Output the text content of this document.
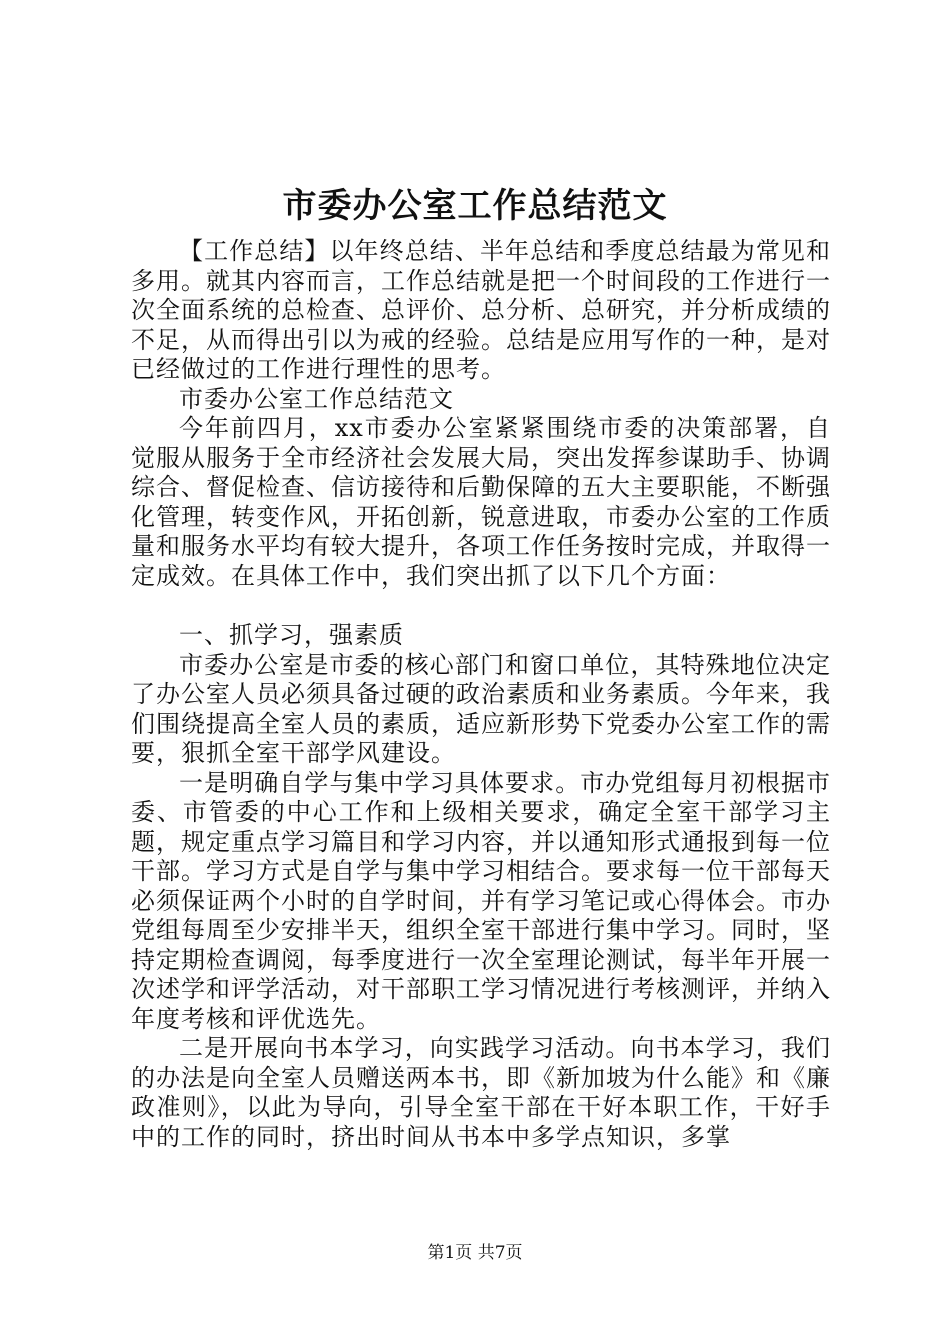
市委办公室工作总结范文

【工作总结】以年终总结、半年总结和季度总结最为常见和多用。就其内容而言，工作总结就是把一个时间段的工作进行一次全面系统的总检查、总评价、总分析、总研究，并分析成绩的不足，从而得出引以为戒的经验。总结是应用写作的一种，是对已经做过的工作进行理性的思考。

市委办公室工作总结范文

今年前四月，xx市委办公室紧紧围绕市委的决策部署，自觉服从服务于全市经济社会发展大局，突出发挥参谋助手、协调综合、督促检查、信访接待和后勤保障的五大主要职能，不断强化管理，转变作风，开拓创新，锐意进取，市委办公室的工作质量和服务水平均有较大提升，各项工作任务按时完成，并取得一定成效。在具体工作中，我们突出抓了以下几个方面：

一、抓学习，强素质

市委办公室是市委的核心部门和窗口单位，其特殊地位决定了办公室人员必须具备过硬的政治素质和业务素质。今年来，我们围绕提高全室人员的素质，适应新形势下党委办公室工作的需要，狠抓全室干部学风建设。

一是明确自学与集中学习具体要求。市办党组每月初根据市委、市管委的中心工作和上级相关要求，确定全室干部学习主题，规定重点学习篇目和学习内容，并以通知形式通报到每一位干部。学习方式是自学与集中学习相结合。要求每一位干部每天必须保证两个小时的自学时间，并有学习笔记或心得体会。市办党组每周至少安排半天，组织全室干部进行集中学习。同时，坚持定期检查调阅，每季度进行一次全室理论测试，每半年开展一次述学和评学活动，对干部职工学习情况进行考核测评，并纳入年度考核和评优选先。

二是开展向书本学习，向实践学习活动。向书本学习，我们的办法是向全室人员赠送两本书，即《新加坡为什么能》和《廉政准则》，以此为导向，引导全室干部在干好本职工作，干好手中的工作的同时，挤出时间从书本中多学点知识，多掌

第1页 共7页
